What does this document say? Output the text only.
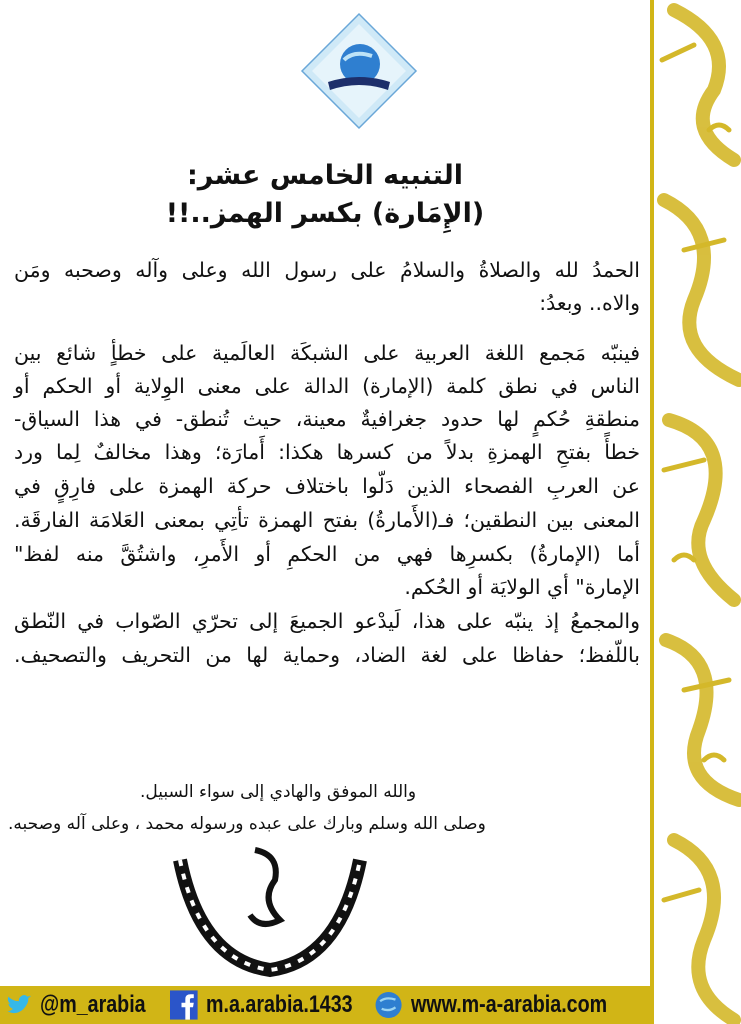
التنبيه الخامس عشر:
(الإِمَارة) بكسر الهمز..!!
الحمدُ لله والصلاةُ والسلامُ على رسول الله وعلى وآله وصحبه ومَن
والاه.. وبعدُ:
فينبّه مَجمع اللغة العربية على الشبكَة العالَمية على خطأٍ شائع بين
الناس في نطق كلمة (الإمارة) الدالة على معنى الوِلاية أو الحكم أو
منطقةِ حُكمٍ لها حدود جغرافيةٌ معينة، حيث تُنطق- في هذا السياق-
خطأً بفتحِ الهمزةِ بدلاً من كسرها هكذا: أَمارَة؛ وهذا مخالفٌ لِما ورد
عن العربِ الفصحاء الذين دَلّوا باختلاف حركة الهمزة على فارِقٍ في
المعنى بين النطقين؛ فـ(الأَمارةُ) بفتح الهمزة تأتِي بمعنى العَلامَة الفارقَة.
أما (الإمارةُ) بكسرِها فهي من الحكمِ أو الأَمرِ، واشتُقَّ منه لفظ"
الإمارة" أي الولايَة أو الحُكم.
والمجمعُ إذ ينبّه على هذا، لَيدْعو الجميعَ إلى تحرّي الصّواب في النّطق
باللّفظ؛ حفاظا على لغة الضاد، وحماية لها من التحريف والتصحيف.
والله الموفق والهادي إلى سواء السبيل.
وصلى الله وسلم وبارك على عبده ورسوله محمد ، وعلى آله وصحبه.
@m_arabia m.a.arabia.1433 www.m-a-arabia.com
